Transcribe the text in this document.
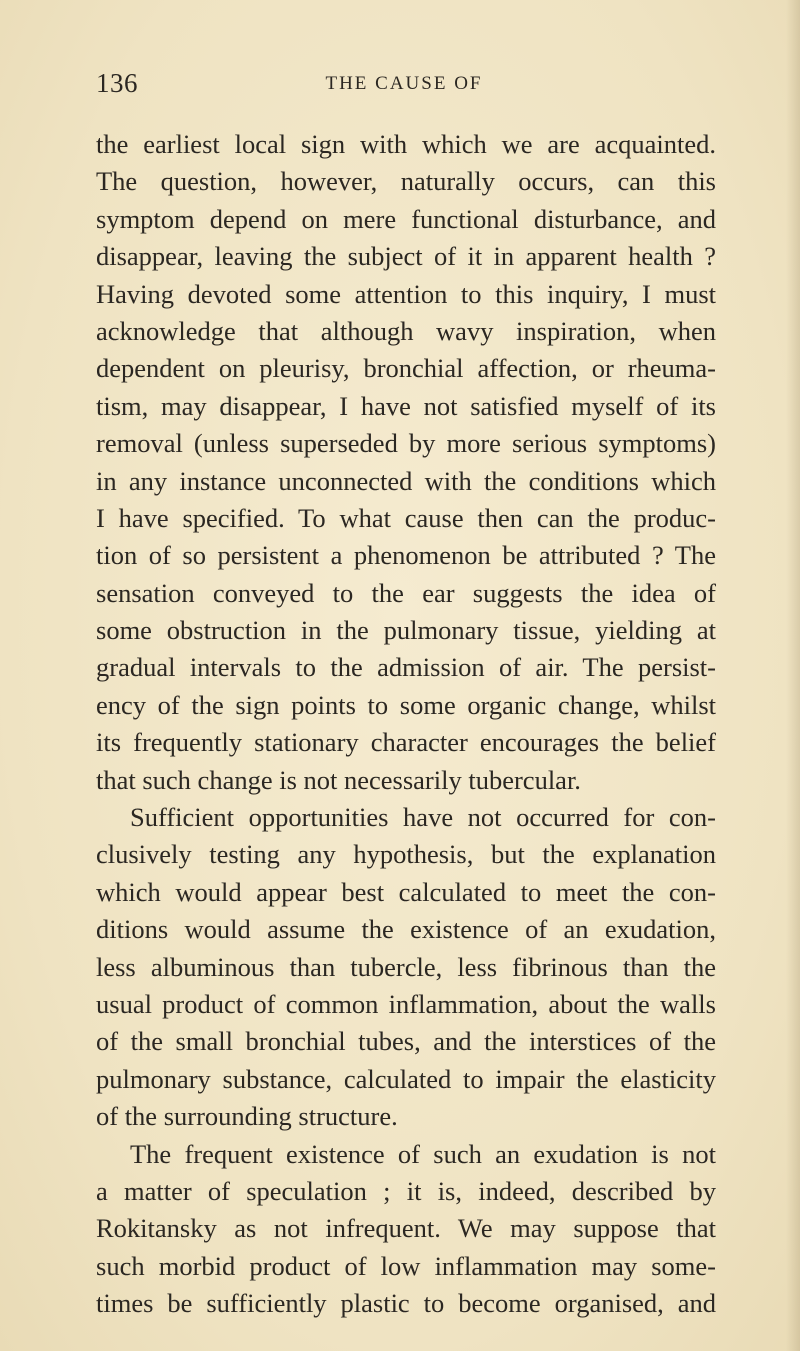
136	THE CAUSE OF
the earliest local sign with which we are acquainted.
The question, however, naturally occurs, can this
symptom depend on mere functional disturbance, and
disappear, leaving the subject of it in apparent health ?
Having devoted some attention to this inquiry, I must
acknowledge that although wavy inspiration, when
dependent on pleurisy, bronchial affection, or rheuma-
tism, may disappear, I have not satisfied myself of its
removal (unless superseded by more serious symptoms)
in any instance unconnected with the conditions which
I have specified. To what cause then can the produc-
tion of so persistent a phenomenon be attributed ? The
sensation conveyed to the ear suggests the idea of
some obstruction in the pulmonary tissue, yielding at
gradual intervals to the admission of air. The persist-
ency of the sign points to some organic change, whilst
its frequently stationary character encourages the belief
that such change is not necessarily tubercular.
Sufficient opportunities have not occurred for con-
clusively testing any hypothesis, but the explanation
which would appear best calculated to meet the con-
ditions would assume the existence of an exudation,
less albuminous than tubercle, less fibrinous than the
usual product of common inflammation, about the walls
of the small bronchial tubes, and the interstices of the
pulmonary substance, calculated to impair the elasticity
of the surrounding structure.
The frequent existence of such an exudation is not
a matter of speculation ; it is, indeed, described by
Rokitansky as not infrequent. We may suppose that
such morbid product of low inflammation may some-
times be sufficiently plastic to become organised, and
